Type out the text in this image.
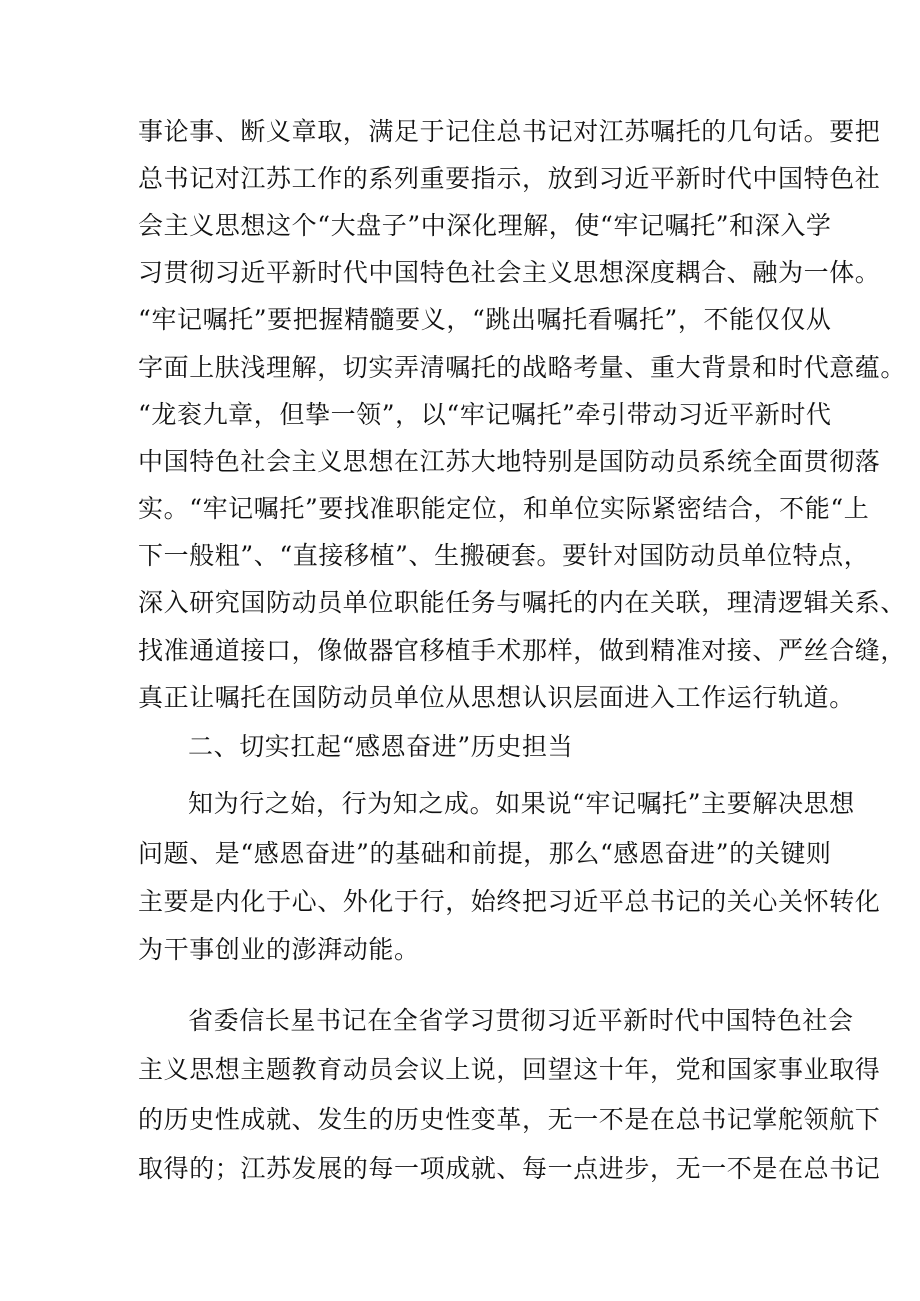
事论事、断义章取，满足于记住总书记对江苏嘱托的几句话。要把
总书记对江苏工作的系列重要指示，放到习近平新时代中国特色社
会主义思想这个“大盘子”中深化理解，使“牢记嘱托”和深入学
习贯彻习近平新时代中国特色社会主义思想深度耦合、融为一体。
“牢记嘱托”要把握精髓要义，“跳出嘱托看嘱托”，不能仅仅从
字面上肤浅理解，切实弄清嘱托的战略考量、重大背景和时代意蕴。
“龙衮九章，但挚一领”，以“牢记嘱托”牵引带动习近平新时代
中国特色社会主义思想在江苏大地特别是国防动员系统全面贯彻落
实。“牢记嘱托”要找准职能定位，和单位实际紧密结合，不能“上
下一般粗”、“直接移植”、生搬硬套。要针对国防动员单位特点，
深入研究国防动员单位职能任务与嘱托的内在关联，理清逻辑关系、
找准通道接口，像做器官移植手术那样，做到精准对接、严丝合缝，
真正让嘱托在国防动员单位从思想认识层面进入工作运行轨道。
二、切实扛起“感恩奋进”历史担当
知为行之始，行为知之成。如果说“牢记嘱托”主要解决思想
问题、是“感恩奋进”的基础和前提，那么“感恩奋进”的关键则
主要是内化于心、外化于行，始终把习近平总书记的关心关怀转化
为干事创业的澎湃动能。
省委信长星书记在全省学习贯彻习近平新时代中国特色社会
主义思想主题教育动员会议上说，回望这十年，党和国家事业取得
的历史性成就、发生的历史性变革，无一不是在总书记掌舵领航下
取得的；江苏发展的每一项成就、每一点进步，无一不是在总书记
